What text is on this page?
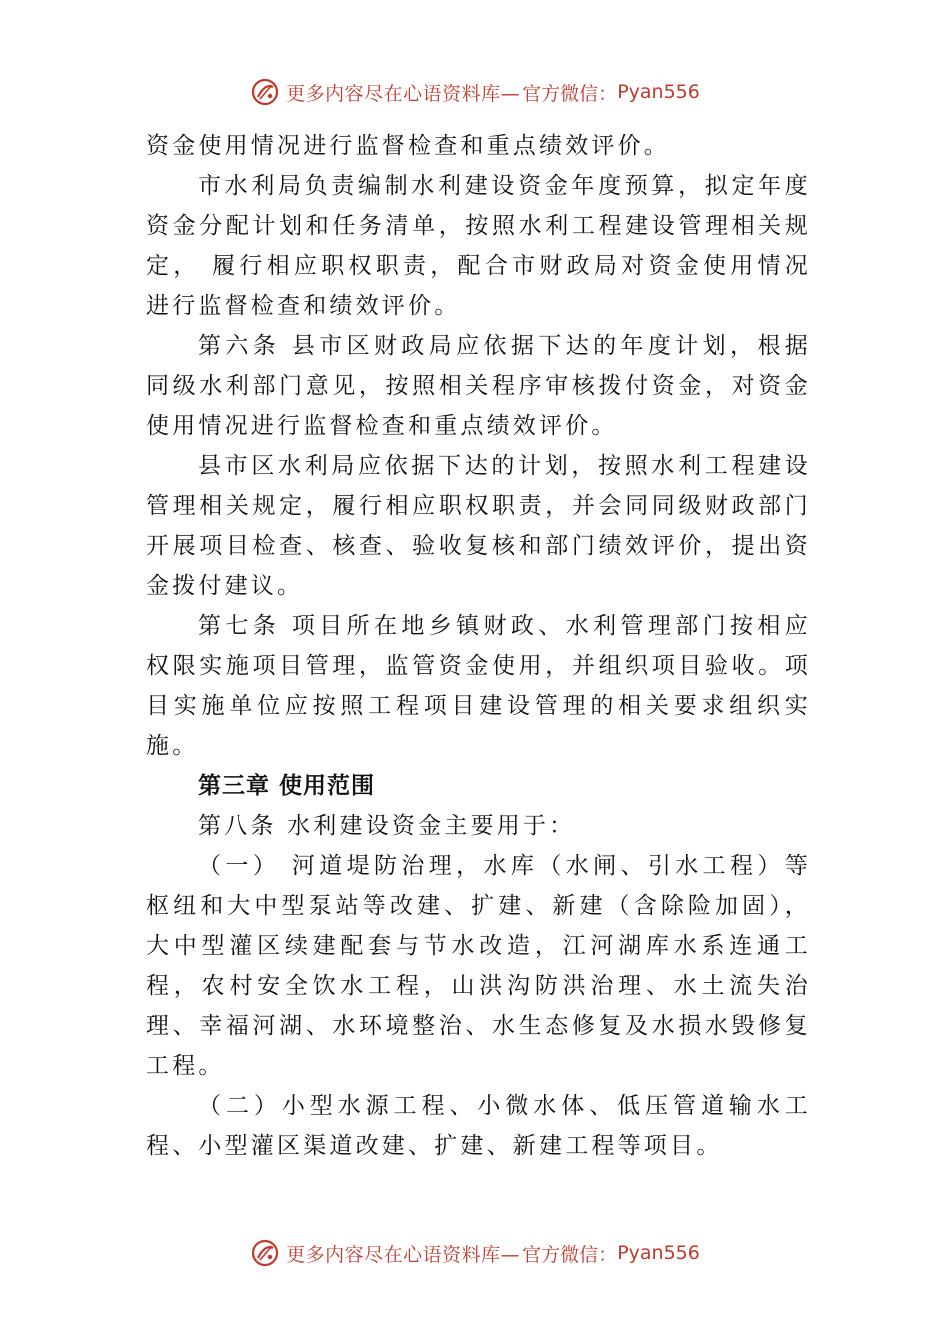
更多内容尽在心语资料库— 官方微信： Pyan556

资金使用情况进行监督检查和重点绩效评价。

市水利局负责编制水利建设资金年度预算，拟定年度资金分配计划和任务清单，按照水利工程建设管理相关规定， 履行相应职权职责，配合市财政局对资金使用情况进行监督检查和绩效评价。

第六条 县市区财政局应依据下达的年度计划，根据同级水利部门意见，按照相关程序审核拨付资金，对资金使用情况进行监督检查和重点绩效评价。

县市区水利局应依据下达的计划，按照水利工程建设管理相关规定，履行相应职权职责，并会同同级财政部门开展项目检查、核查、验收复核和部门绩效评价，提出资金拨付建议。

第七条 项目所在地乡镇财政、水利管理部门按相应权限实施项目管理，监管资金使用，并组织项目验收。项目实施单位应按照工程项目建设管理的相关要求组织实施。

第三章 使用范围

第八条 水利建设资金主要用于：

（一） 河道堤防治理，水库（水闸、引水工程）等枢纽和大中型泵站等改建、扩建、新建（含除险加固），大中型灌区续建配套与节水改造，江河湖库水系连通工程，农村安全饮水工程，山洪沟防洪治理、水土流失治理、幸福河湖、水环境整治、水生态修复及水损水毁修复工程。

（二）小型水源工程、小微水体、低压管道输水工程、小型灌区渠道改建、扩建、新建工程等项目。

更多内容尽在心语资料库— 官方微信： Pyan556
